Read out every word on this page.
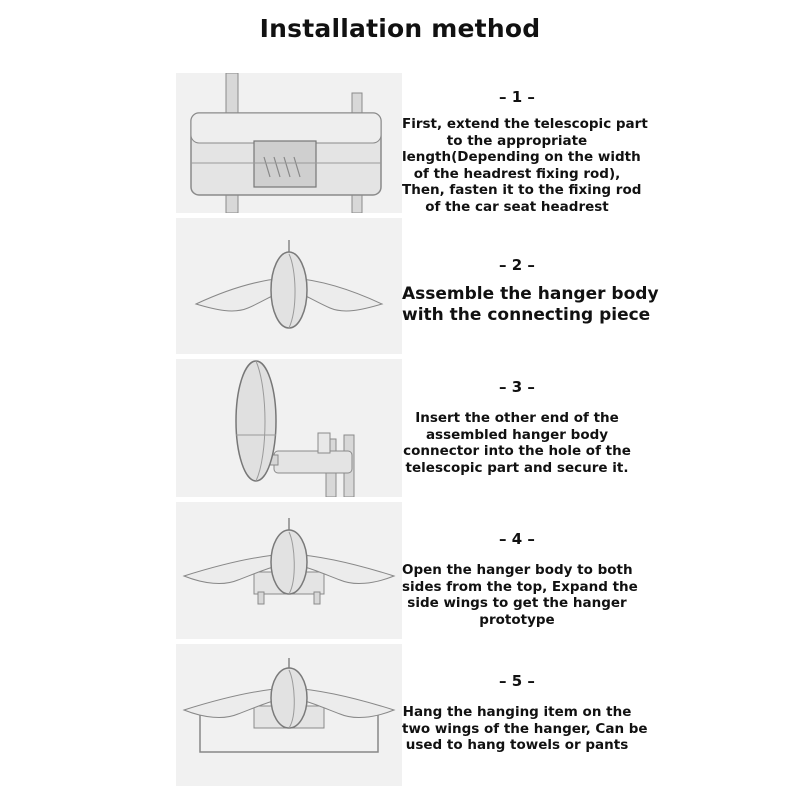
Installation method
– 1 –
First, extend the telescopic part
to the appropriate
length(Depending on the width
of the headrest fixing rod),
Then, fasten it to the fixing rod
of the car seat headrest
– 2 –
Assemble the hanger body
with the connecting piece
– 3 –
Insert the other end of the
assembled hanger body
connector into the hole of the
telescopic part and secure it.
– 4 –
Open the hanger body to both
sides from the top, Expand the
side wings to get the hanger
prototype
– 5 –
Hang the hanging item on the
two wings of the hanger, Can be
used to hang towels or pants
